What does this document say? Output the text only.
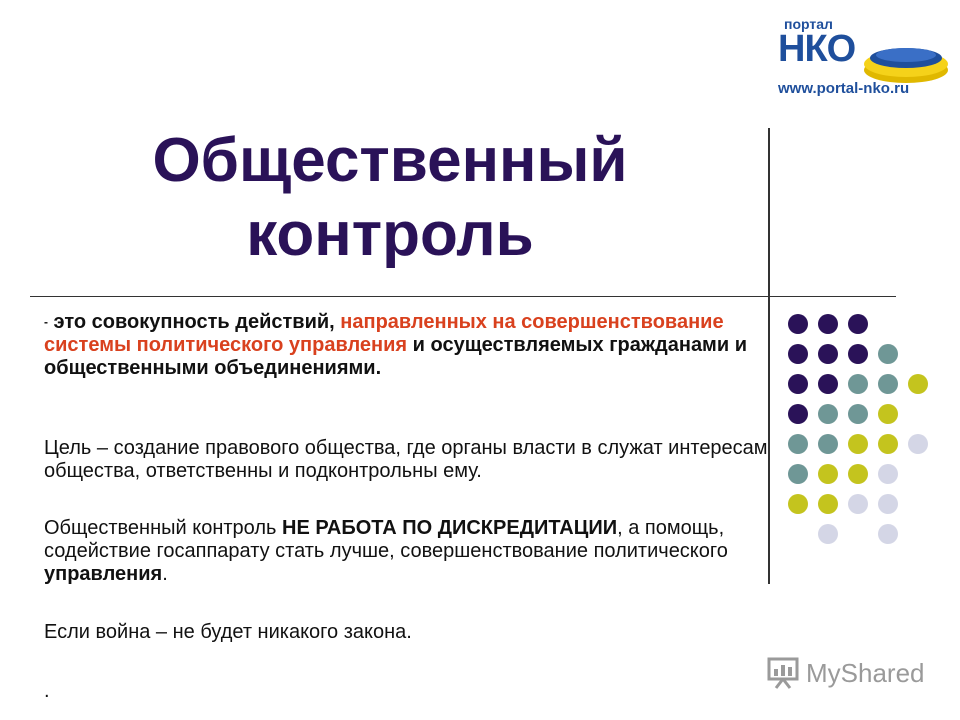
портал
НКО
www.portal-nko.ru
Общественный
контроль

- это совокупность действий, направленных на совершенствование системы политического управления и осуществляемых гражданами и общественными объединениями.

Цель – создание правового общества, где органы власти в служат интересам общества, ответственны и подконтрольны ему.

Общественный контроль НЕ РАБОТА ПО ДИСКРЕДИТАЦИИ, а помощь, содействие госаппарату стать лучше, совершенствование политического управления.

Если война – не будет никакого закона.

.

MyShared
